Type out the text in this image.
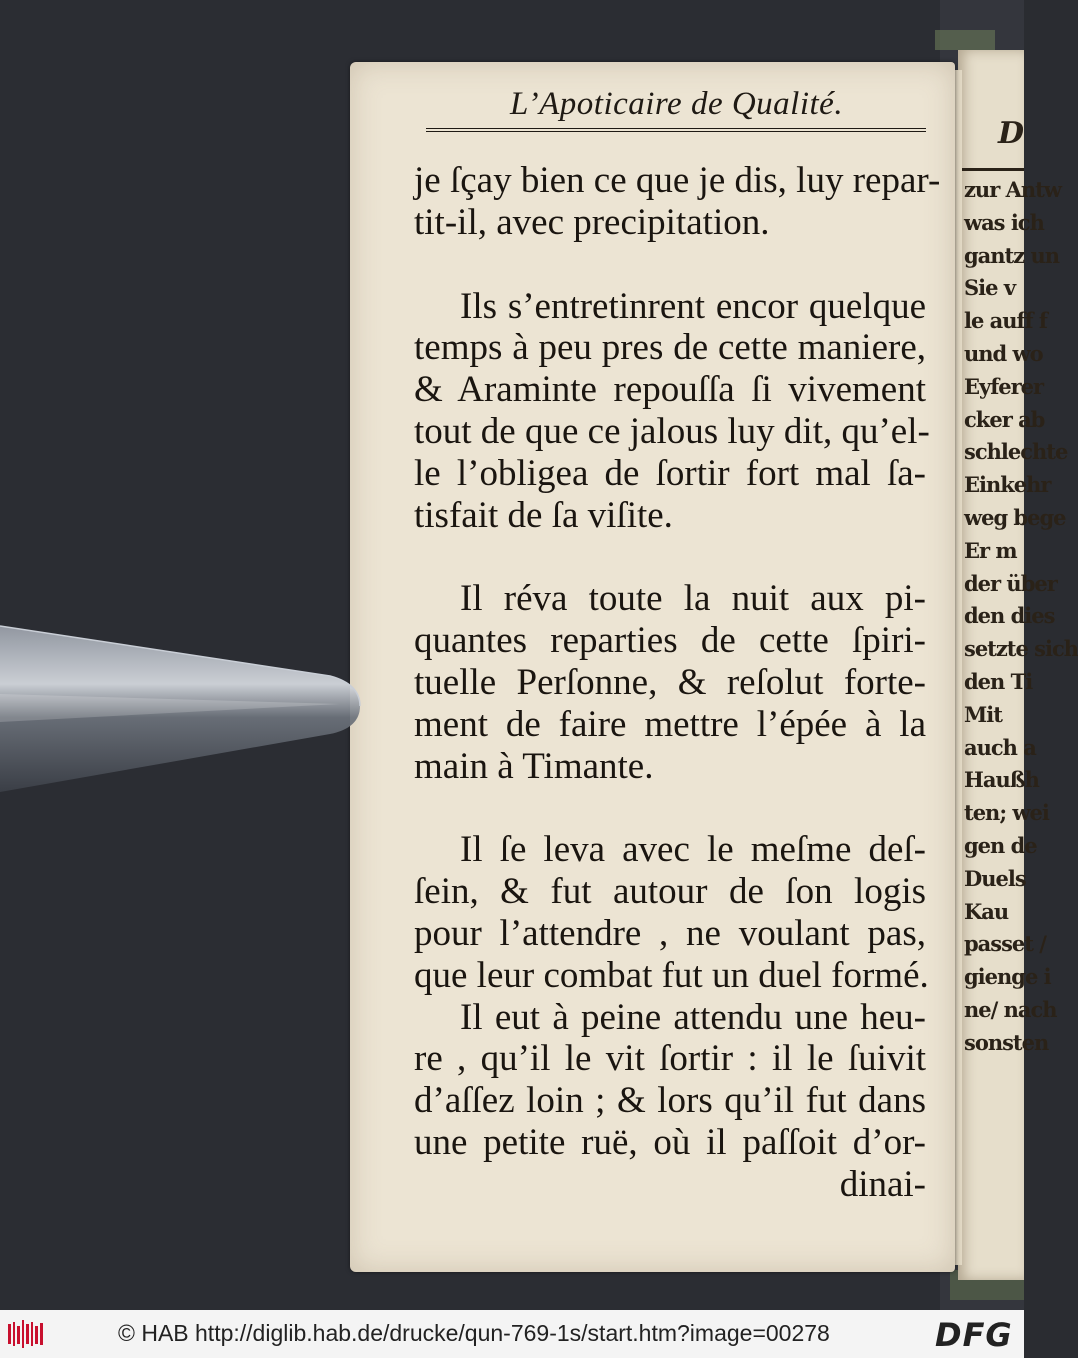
D
zur Antw
was ich
gantz un
Sie v
le auff f
und wo
Eyferer
cker ab
schlechte
Einkehr
weg bege
Er m
der über
den dies
setzte sich
den Ti
Mit
auch a
Haußh
ten; wei
gen de
Duels
Kau
passet /
gienge i
ne/ nach
sonsten
L’Apoticaire de Qualité.
je ſçay bien ce que je dis, luy repar-
tit-il, avec precipitation.
Ils s’entretinrent encor quelque
temps à peu pres de cette maniere,
& Araminte repouſſa ſi vivement
tout de que ce jalous luy dit, qu’el-
le l’obligea de ſortir fort mal ſa-
tisfait de ſa viſite.
Il réva toute la nuit aux pi-
quantes reparties de cette ſpiri-
tuelle Perſonne, & reſolut forte-
ment de faire mettre l’épée à la
main à Timante.
Il ſe leva avec le meſme deſ-
ſein, & fut autour de ſon logis
pour l’attendre , ne voulant pas,
que leur combat fut un duel formé.
Il eut à peine attendu une heu-
re , qu’il le vit ſortir : il le ſuivit
d’aſſez loin ; & lors qu’il fut dans
une petite ruë, où il paſſoit d’or-
dinai-
© HAB http://diglib.hab.de/drucke/qun-769-1s/start.htm?image=00278	DFG
